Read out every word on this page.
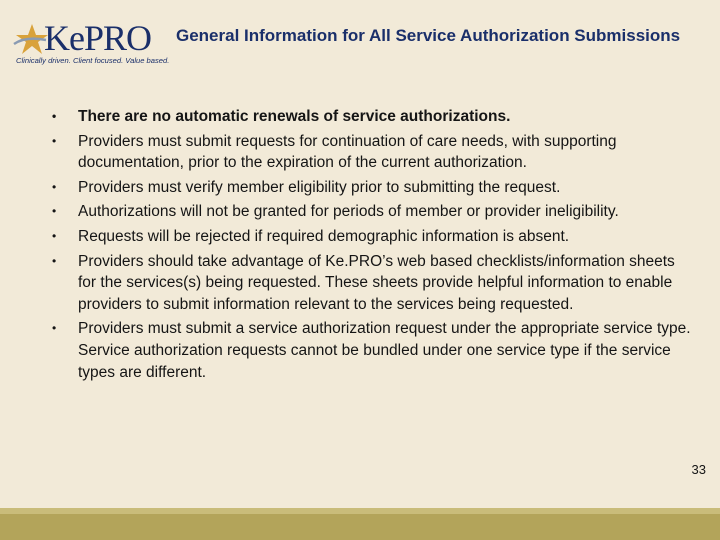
KePRO
Clinically driven. Client focused. Value based.
General Information for All Service Authorization Submissions
• There are no automatic renewals of service authorizations.
• Providers must submit requests for continuation of care needs, with supporting documentation, prior to the expiration of the current authorization.
• Providers must verify member eligibility prior to submitting the request.
• Authorizations will not be granted for periods of member or provider ineligibility.
• Requests will be rejected if required demographic information is absent.
• Providers should take advantage of Ke.PRO’s web based checklists/information sheets for the services(s) being requested. These sheets provide helpful information to enable providers to submit information relevant to the services being requested.
• Providers must submit a service authorization request under the appropriate service type. Service authorization requests cannot be bundled under one service type if the service types are different.
33
